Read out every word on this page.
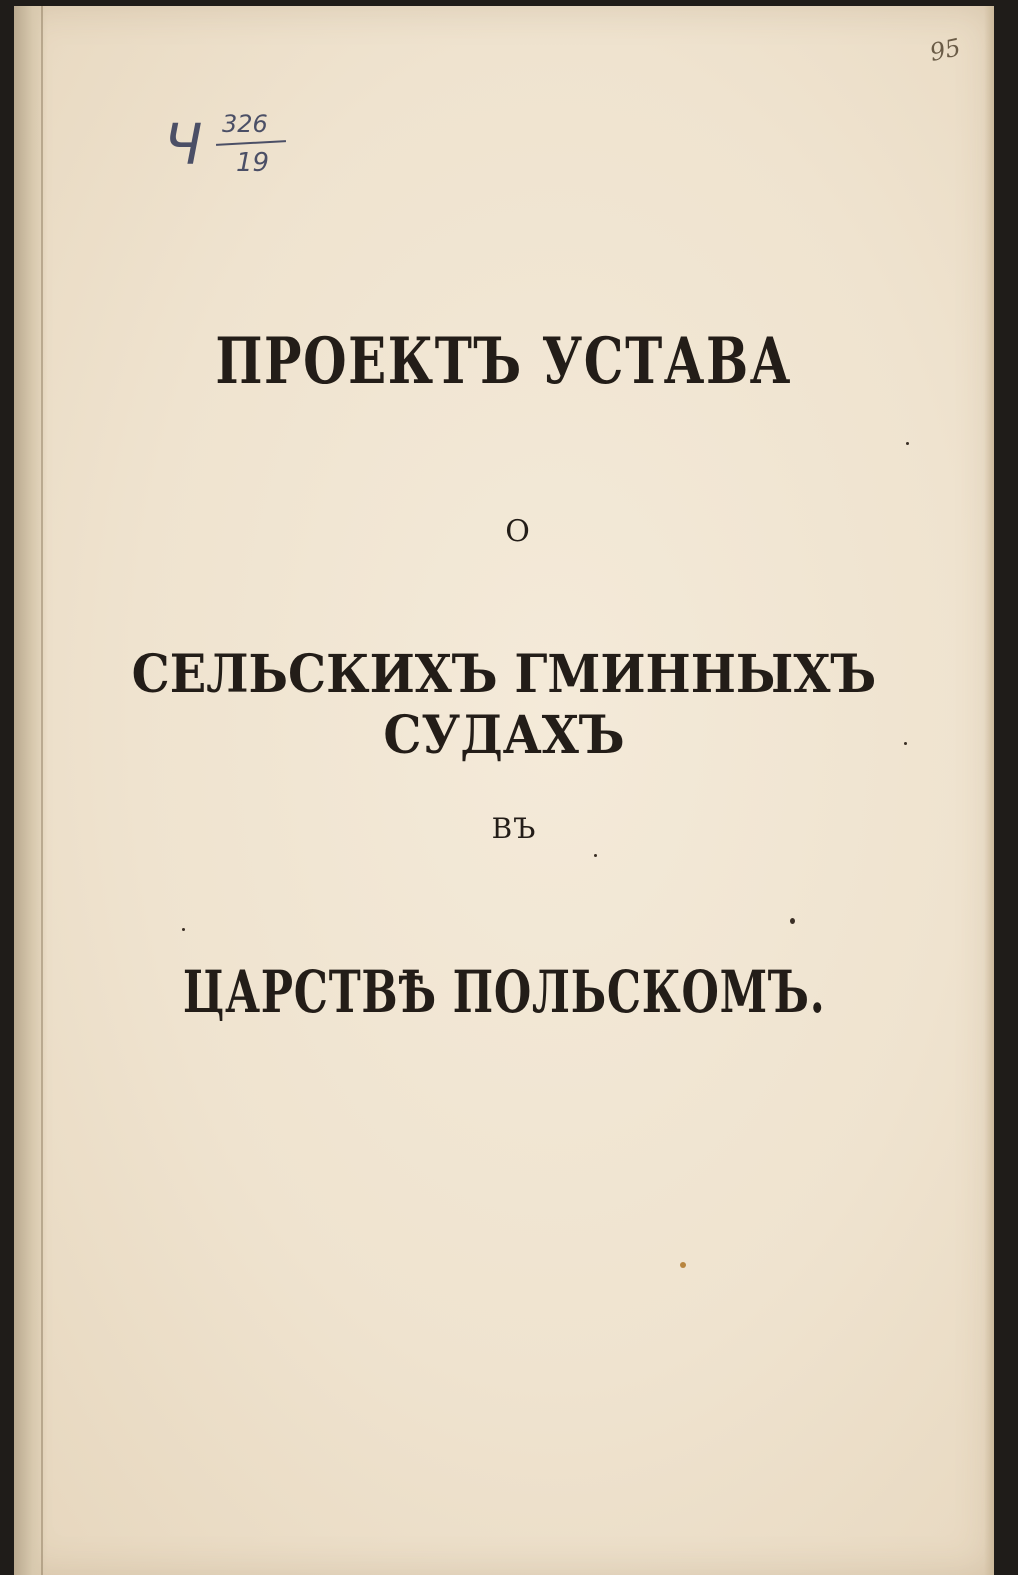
Ч 326
19
95
ПРОЕКТЪ УСТАВА
О
СЕЛЬСКИХЪ ГМИННЫХЪ СУДАХЪ
ВЪ
ЦАРСТВѢ ПОЛЬСКОМЪ.
